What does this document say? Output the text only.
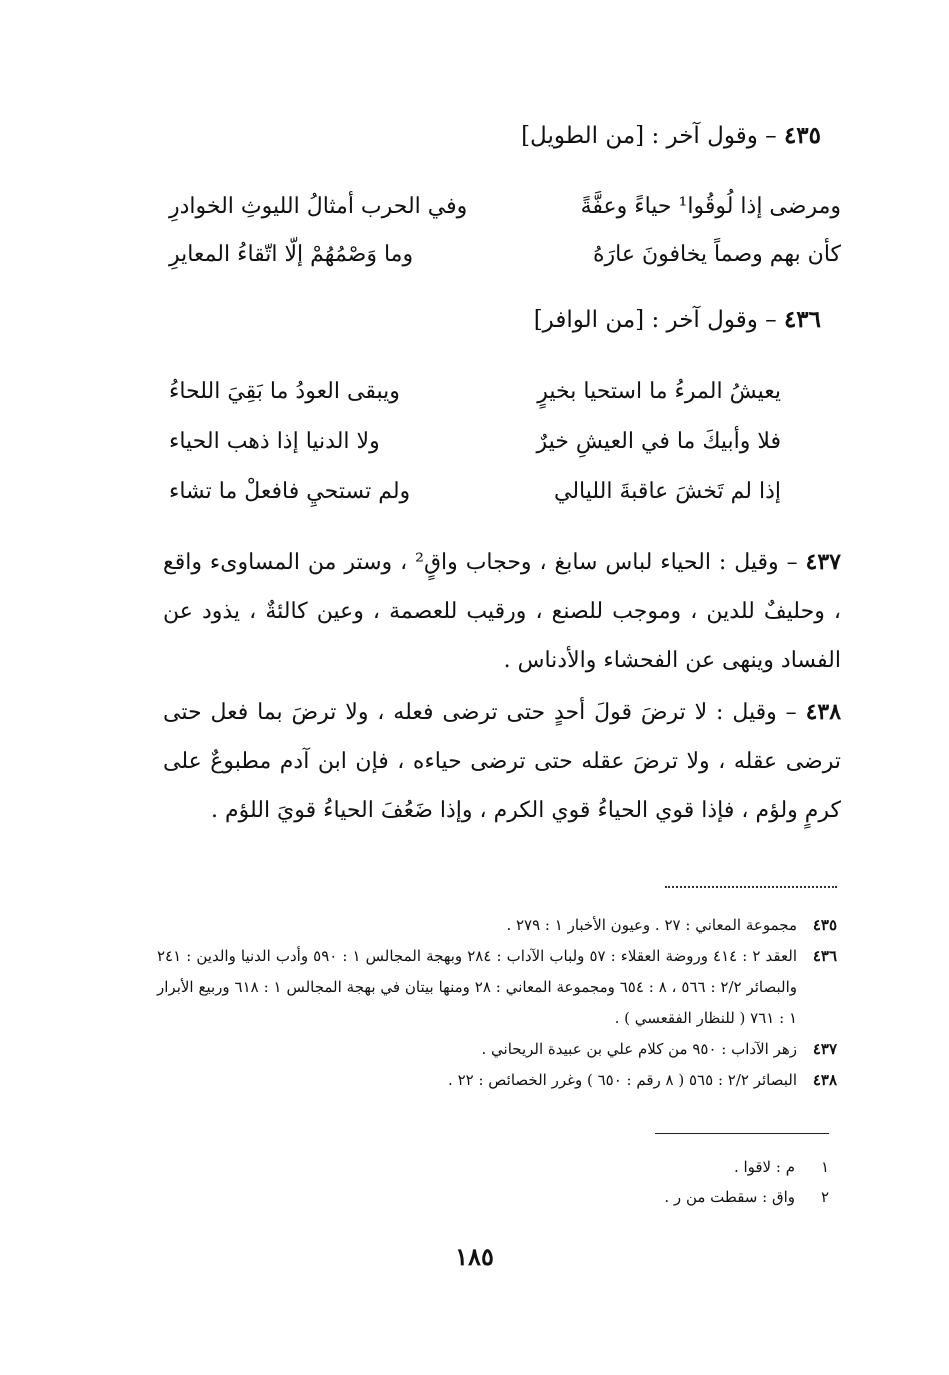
٤٣٥ – وقول آخر : [من الطويل]
ومرضى إذا لُوقُوا¹ حياءً وعفَّةً
وفي الحرب أمثالُ الليوثِ الخوادرِ
كأن بهم وصماً يخافونَ عارَهُ
وما وَصْمُهُمْ إلّا اتّقاءُ المعايرِ
٤٣٦ – وقول آخر : [من الوافر]
يعيشُ المرءُ ما استحيا بخيرٍ
ويبقى العودُ ما بَقِيَ اللحاءُ
فلا وأبيكَ ما في العيشِ خيرٌ
ولا الدنيا إذا ذهب الحياء
إذا لم تَخشَ عاقبةَ الليالي
ولم تستحيِ فافعلْ ما تشاء
٤٣٧ – وقيل : الحياء لباس سابغ ، وحجاب واقٍ² ، وستر من المساوىء واقع ، وحليفٌ للدين ، وموجب للصنع ، ورقيب للعصمة ، وعين كالئةٌ ، يذود عن الفساد وينهى عن الفحشاء والأدناس .
٤٣٨ – وقيل : لا ترضَ قولَ أحدٍ حتى ترضى فعله ، ولا ترضَ بما فعل حتى ترضى عقله ، ولا ترضَ عقله حتى ترضى حياءه ، فإن ابن آدم مطبوعٌ على كرمٍ ولؤم ، فإذا قوي الحياءُ قوي الكرم ، وإذا ضَعُفَ الحياءُ قويَ اللؤم .
٤٣٥
مجموعة المعاني : ٢٧ . وعيون الأخبار ١ : ٢٧٩ .
٤٣٦
العقد ٢ : ٤١٤ وروضة العقلاء : ٥٧ ولباب الآداب : ٢٨٤ وبهجة المجالس ١ : ٥٩٠ وأدب الدنيا والدين : ٢٤١ والبصائر ٢/٢ : ٥٦٦ ، ٨ : ٦٥٤ ومجموعة المعاني : ٢٨ ومنها بيتان في بهجة المجالس ١ : ٦١٨ وربيع الأبرار ١ : ٧٦١ ( للنظار الفقعسي ) .
٤٣٧
زهر الآداب : ٩٥٠ من كلام علي بن عبيدة الريحاني .
٤٣٨
البصائر ٢/٢ : ٥٦٥ ( ٨ رقم : ٦٥٠ ) وغرر الخصائص : ٢٢ .
١
م : لاقوا .
٢
واق : سقطت من ر .
١٨٥
